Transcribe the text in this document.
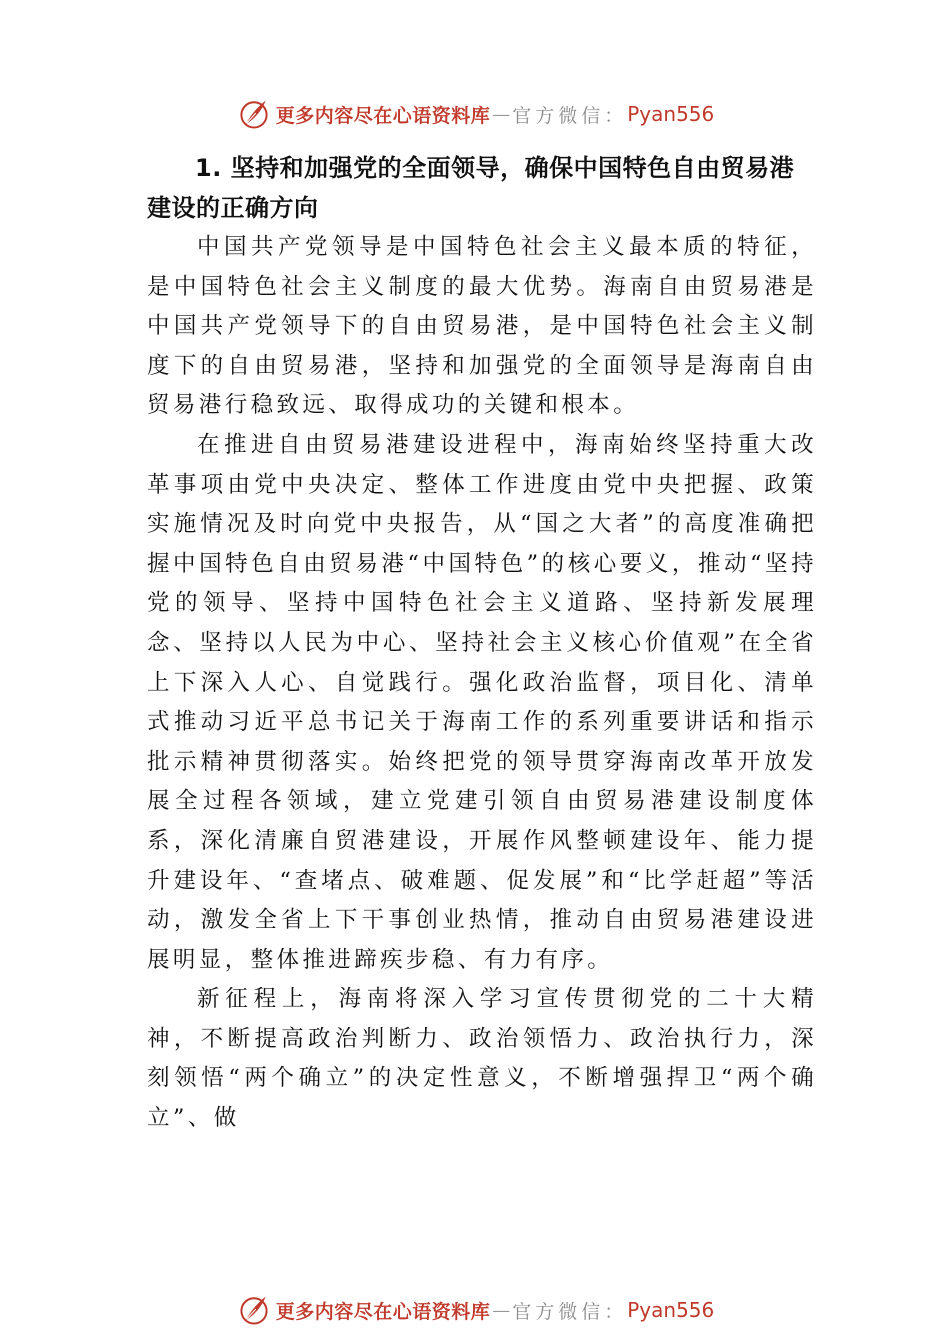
更多内容尽在心语资料库 — 官方微信： Pyan556

1. 坚持和加强党的全面领导，确保中国特色自由贸易港建设的正确方向

中国共产党领导是中国特色社会主义最本质的特征，是中国特色社会主义制度的最大优势。海南自由贸易港是中国共产党领导下的自由贸易港，是中国特色社会主义制度下的自由贸易港，坚持和加强党的全面领导是海南自由贸易港行稳致远、取得成功的关键和根本。

在推进自由贸易港建设进程中，海南始终坚持重大改革事项由党中央决定、整体工作进度由党中央把握、政策实施情况及时向党中央报告，从“国之大者”的高度准确把握中国特色自由贸易港“中国特色”的核心要义，推动“坚持党的领导、坚持中国特色社会主义道路、坚持新发展理念、坚持以人民为中心、坚持社会主义核心价值观”在全省上下深入人心、自觉践行。强化政治监督，项目化、清单式推动习近平总书记关于海南工作的系列重要讲话和指示批示精神贯彻落实。始终把党的领导贯穿海南改革开放发展全过程各领域，建立党建引领自由贸易港建设制度体系，深化清廉自贸港建设，开展作风整顿建设年、能力提升建设年、“查堵点、破难题、促发展”和“比学赶超”等活动，激发全省上下干事创业热情，推动自由贸易港建设进展明显，整体推进蹄疾步稳、有力有序。

新征程上，海南将深入学习宣传贯彻党的二十大精神，不断提高政治判断力、政治领悟力、政治执行力，深刻领悟“两个确立”的决定性意义，不断增强捍卫“两个确立”、做

更多内容尽在心语资料库 — 官方微信： Pyan556
